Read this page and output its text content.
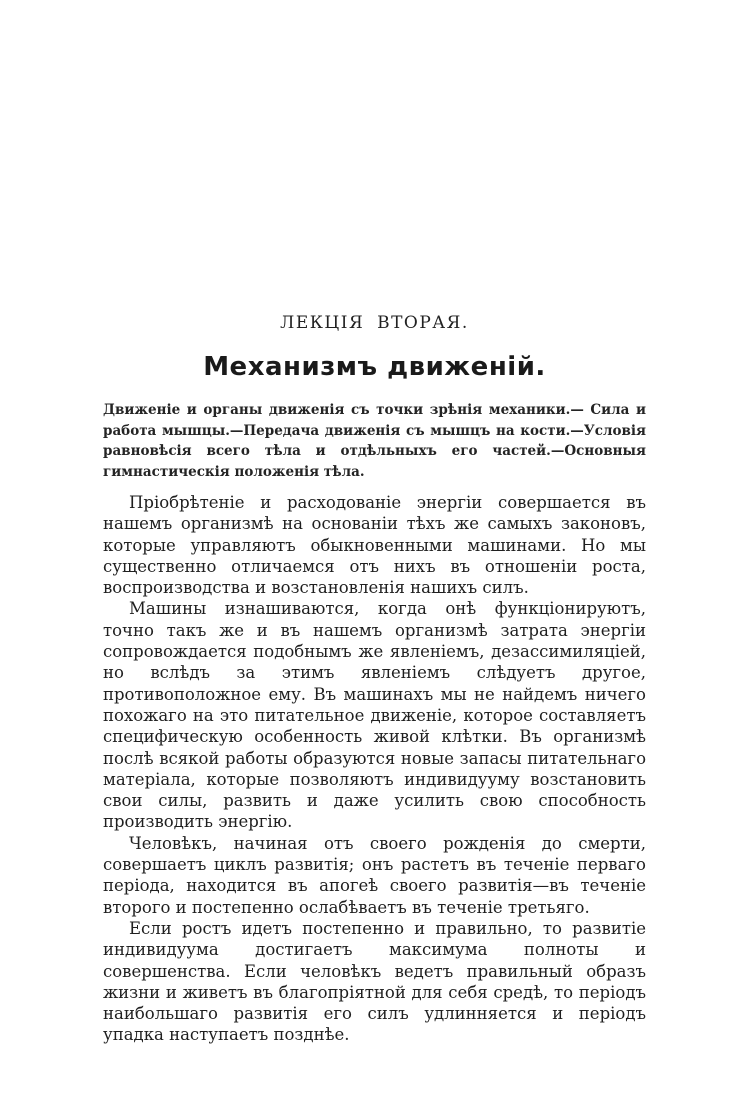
ЛЕКЦІЯ ВТОРАЯ.
Механизмъ движеній.
Движеніе и органы движенія съ точки зрѣнія механики.— Сила и работа мышцы.—Передача движенія съ мышцъ на кости.—Условія равновѣсія всего тѣла и отдѣльныхъ его частей.—Основныя гимнастическія положенія тѣла.

Пріобрѣтеніе и расходованіе энергіи совершается въ нашемъ организмѣ на основаніи тѣхъ же самыхъ законовъ, которые управляютъ обыкновенными машинами. Но мы существенно отличаемся отъ нихъ въ отношеніи роста, воспроизводства и возстановленія нашихъ силъ.

Машины изнашиваются, когда онѣ функціонируютъ, точно такъ же и въ нашемъ организмѣ затрата энергіи сопровождается подобнымъ же явленіемъ, дезассимиляціей, но вслѣдъ за этимъ явленіемъ слѣдуетъ другое, противоположное ему. Въ машинахъ мы не найдемъ ничего похожаго на это питательное движеніе, которое составляетъ специфическую особенность живой клѣтки. Въ организмѣ послѣ всякой работы образуются новые запасы питательнаго матеріала, которые позволяютъ индивидууму возстановить свои силы, развить и даже усилить свою способность производить энергію.

Человѣкъ, начиная отъ своего рожденія до смерти, совершаетъ циклъ развитія; онъ растетъ въ теченіе перваго періода, находится въ апогеѣ своего развитія—въ теченіе второго и постепенно ослабѣваетъ въ теченіе третьяго.

Если ростъ идетъ постепенно и правильно, то развитіе индивидуума достигаетъ максимума полноты и совершенства. Если человѣкъ ведетъ правильный образъ жизни и живетъ въ благопріятной для себя средѣ, то періодъ наибольшаго развитія его силъ удлинняется и періодъ упадка наступаетъ позднѣе.
